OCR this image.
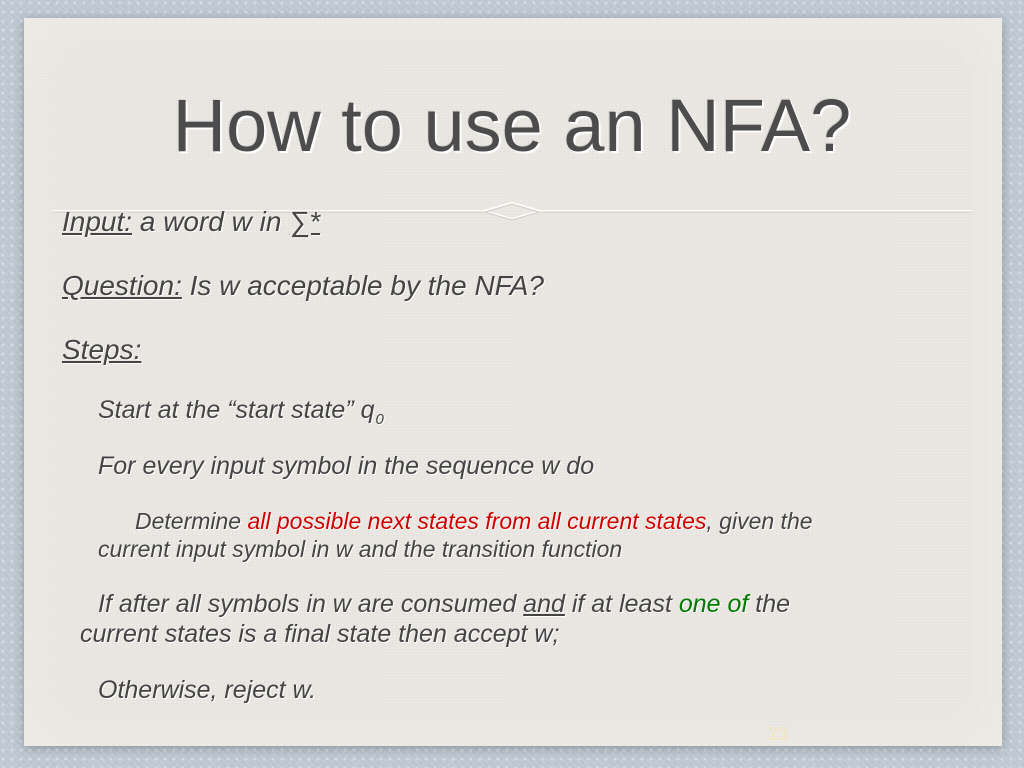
How to use an NFA?
Input: a word w in ∑*
Question: Is w acceptable by the NFA?
Steps:
Start at the “start state” $q_0$
For every input symbol in the sequence w do
Determine all possible next states from all current states, given the
current input symbol in w and the transition function
If after all symbols in w are consumed and if at least one of the
current states is a final state then accept w;
Otherwise, reject w.
23
